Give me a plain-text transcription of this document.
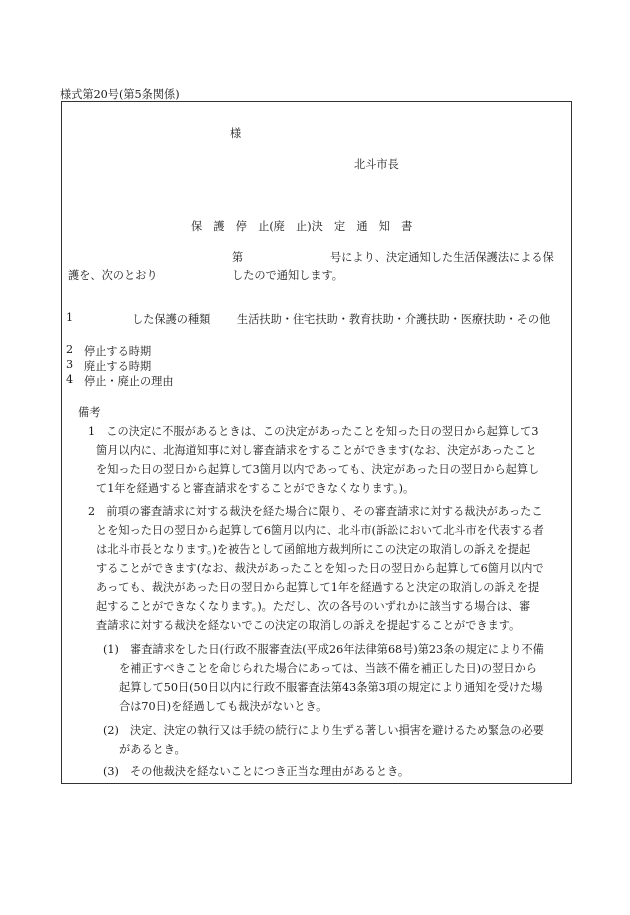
様式第20号(第5条関係)
様
北斗市長
保　護　停　止(廃　止)決　定　通　知　書
第	号により、決定通知した生活保護法による保
護を、次のとおり	したので通知します。
1	した保護の種類 生活扶助・住宅扶助・教育扶助・介護扶助・医療扶助・その他
2 停止する時期
3 廃止する時期
4 停止・廃止の理由
備考
1　この決定に不服があるときは、この決定があったことを知った日の翌日から起算して3
箇月以内に、北海道知事に対し審査請求をすることができます(なお、決定があったこと
を知った日の翌日から起算して3箇月以内であっても、決定があった日の翌日から起算し
て1年を経過すると審査請求をすることができなくなります。)。
2　前項の審査請求に対する裁決を経た場合に限り、その審査請求に対する裁決があったこ
とを知った日の翌日から起算して6箇月以内に、北斗市(訴訟において北斗市を代表する者
は北斗市長となります。)を被告として函館地方裁判所にこの決定の取消しの訴えを提起
することができます(なお、裁決があったことを知った日の翌日から起算して6箇月以内で
あっても、裁決があった日の翌日から起算して1年を経過すると決定の取消しの訴えを提
起することができなくなります。)。ただし、次の各号のいずれかに該当する場合は、審
査請求に対する裁決を経ないでこの決定の取消しの訴えを提起することができます。
(1)　審査請求をした日(行政不服審査法(平成26年法律第68号)第23条の規定により不備
を補正すべきことを命じられた場合にあっては、当該不備を補正した日)の翌日から
起算して50日(50日以内に行政不服審査法第43条第3項の規定により通知を受けた場
合は70日)を経過しても裁決がないとき。
(2)　決定、決定の執行又は手続の続行により生ずる著しい損害を避けるため緊急の必要
があるとき。
(3)　その他裁決を経ないことにつき正当な理由があるとき。
